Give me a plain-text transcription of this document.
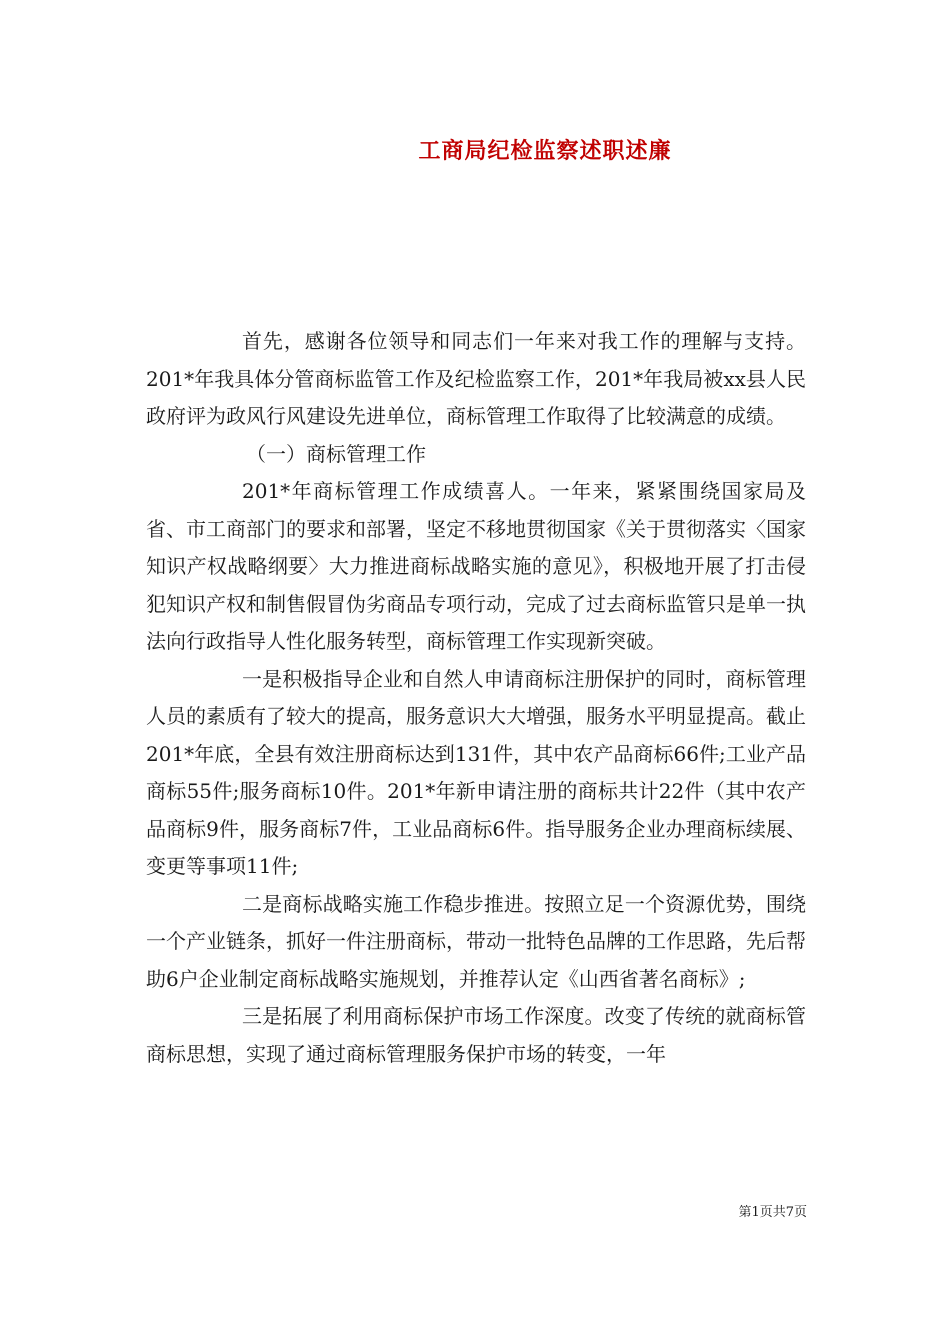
工商局纪检监察述职述廉

首先，感谢各位领导和同志们一年来对我工作的理解与支持。201*年我具体分管商标监管工作及纪检监察工作，201*年我局被xx县人民政府评为政风行风建设先进单位，商标管理工作取得了比较满意的成绩。

（一）商标管理工作

201*年商标管理工作成绩喜人。一年来，紧紧围绕国家局及省、市工商部门的要求和部署，坚定不移地贯彻国家《关于贯彻落实〈国家知识产权战略纲要〉大力推进商标战略实施的意见》，积极地开展了打击侵犯知识产权和制售假冒伪劣商品专项行动，完成了过去商标监管只是单一执法向行政指导人性化服务转型，商标管理工作实现新突破。

一是积极指导企业和自然人申请商标注册保护的同时，商标管理人员的素质有了较大的提高，服务意识大大增强，服务水平明显提高。截止201*年底，全县有效注册商标达到131件，其中农产品商标66件;工业产品商标55件;服务商标10件。201*年新申请注册的商标共计22件（其中农产品商标9件，服务商标7件，工业品商标6件。指导服务企业办理商标续展、变更等事项11件;

二是商标战略实施工作稳步推进。按照立足一个资源优势，围绕一个产业链条，抓好一件注册商标，带动一批特色品牌的工作思路，先后帮助6户企业制定商标战略实施规划，并推荐认定《山西省著名商标》;

三是拓展了利用商标保护市场工作深度。改变了传统的就商标管商标思想，实现了通过商标管理服务保护市场的转变，一年

第1页共7页
